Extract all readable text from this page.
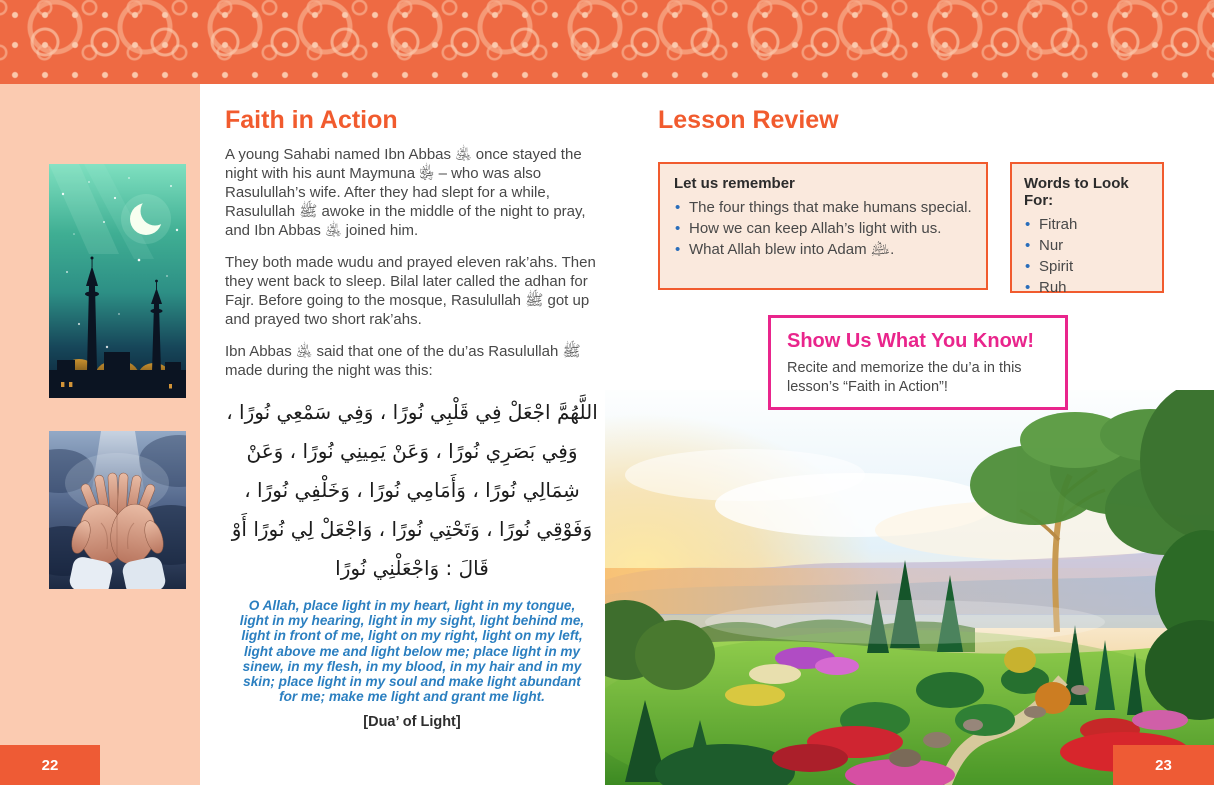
Faith in Action

A young Sahabi named Ibn Abbas ﵁ once stayed the night with his aunt Maymuna ﵂ – who was also Rasulullah’s wife. After they had slept for a while, Rasulullah ﷺ awoke in the middle of the night to pray, and Ibn Abbas ﵁ joined him.

They both made wudu and prayed eleven rak’ahs. Then they went back to sleep. Bilal later called the adhan for Fajr. Before going to the mosque, Rasulullah ﷺ got up and prayed two short rak’ahs.

Ibn Abbas ﵁ said that one of the du’as Rasulullah ﷺ made during the night was this:

اللَّهُمَّ اجْعَلْ فِي قَلْبِي نُورًا ، وَفِي سَمْعِي نُورًا ، وَفِي بَصَرِي نُورًا ، وَعَنْ يَمِينِي نُورًا ، وَعَنْ شِمَالِي نُورًا ، وَأَمَامِي نُورًا ، وَخَلْفِي نُورًا ، وَفَوْقِي نُورًا ، وَتَحْتِي نُورًا ، وَاجْعَلْ لِي نُورًا أَوْ قَالَ : وَاجْعَلْنِي نُورًا
O Allah, place light in my heart, light in my tongue, light in my hearing, light in my sight, light behind me, light in front of me, light on my right, light on my left, light above me and light below me; place light in my sinew, in my flesh, in my blood, in my hair and in my skin; place light in my soul and make light abundant for me; make me light and grant me light.
[Dua’ of Light]
Lesson Review
Let us remember
• The four things that make humans special.
• How we can keep Allah’s light with us.
• What Allah blew into Adam ﵇.
Words to Look For:
• Fitrah
• Nur
• Spirit
• Ruh
Show Us What You Know!
Recite and memorize the du’a in this lesson’s “Faith in Action”!
22	23
